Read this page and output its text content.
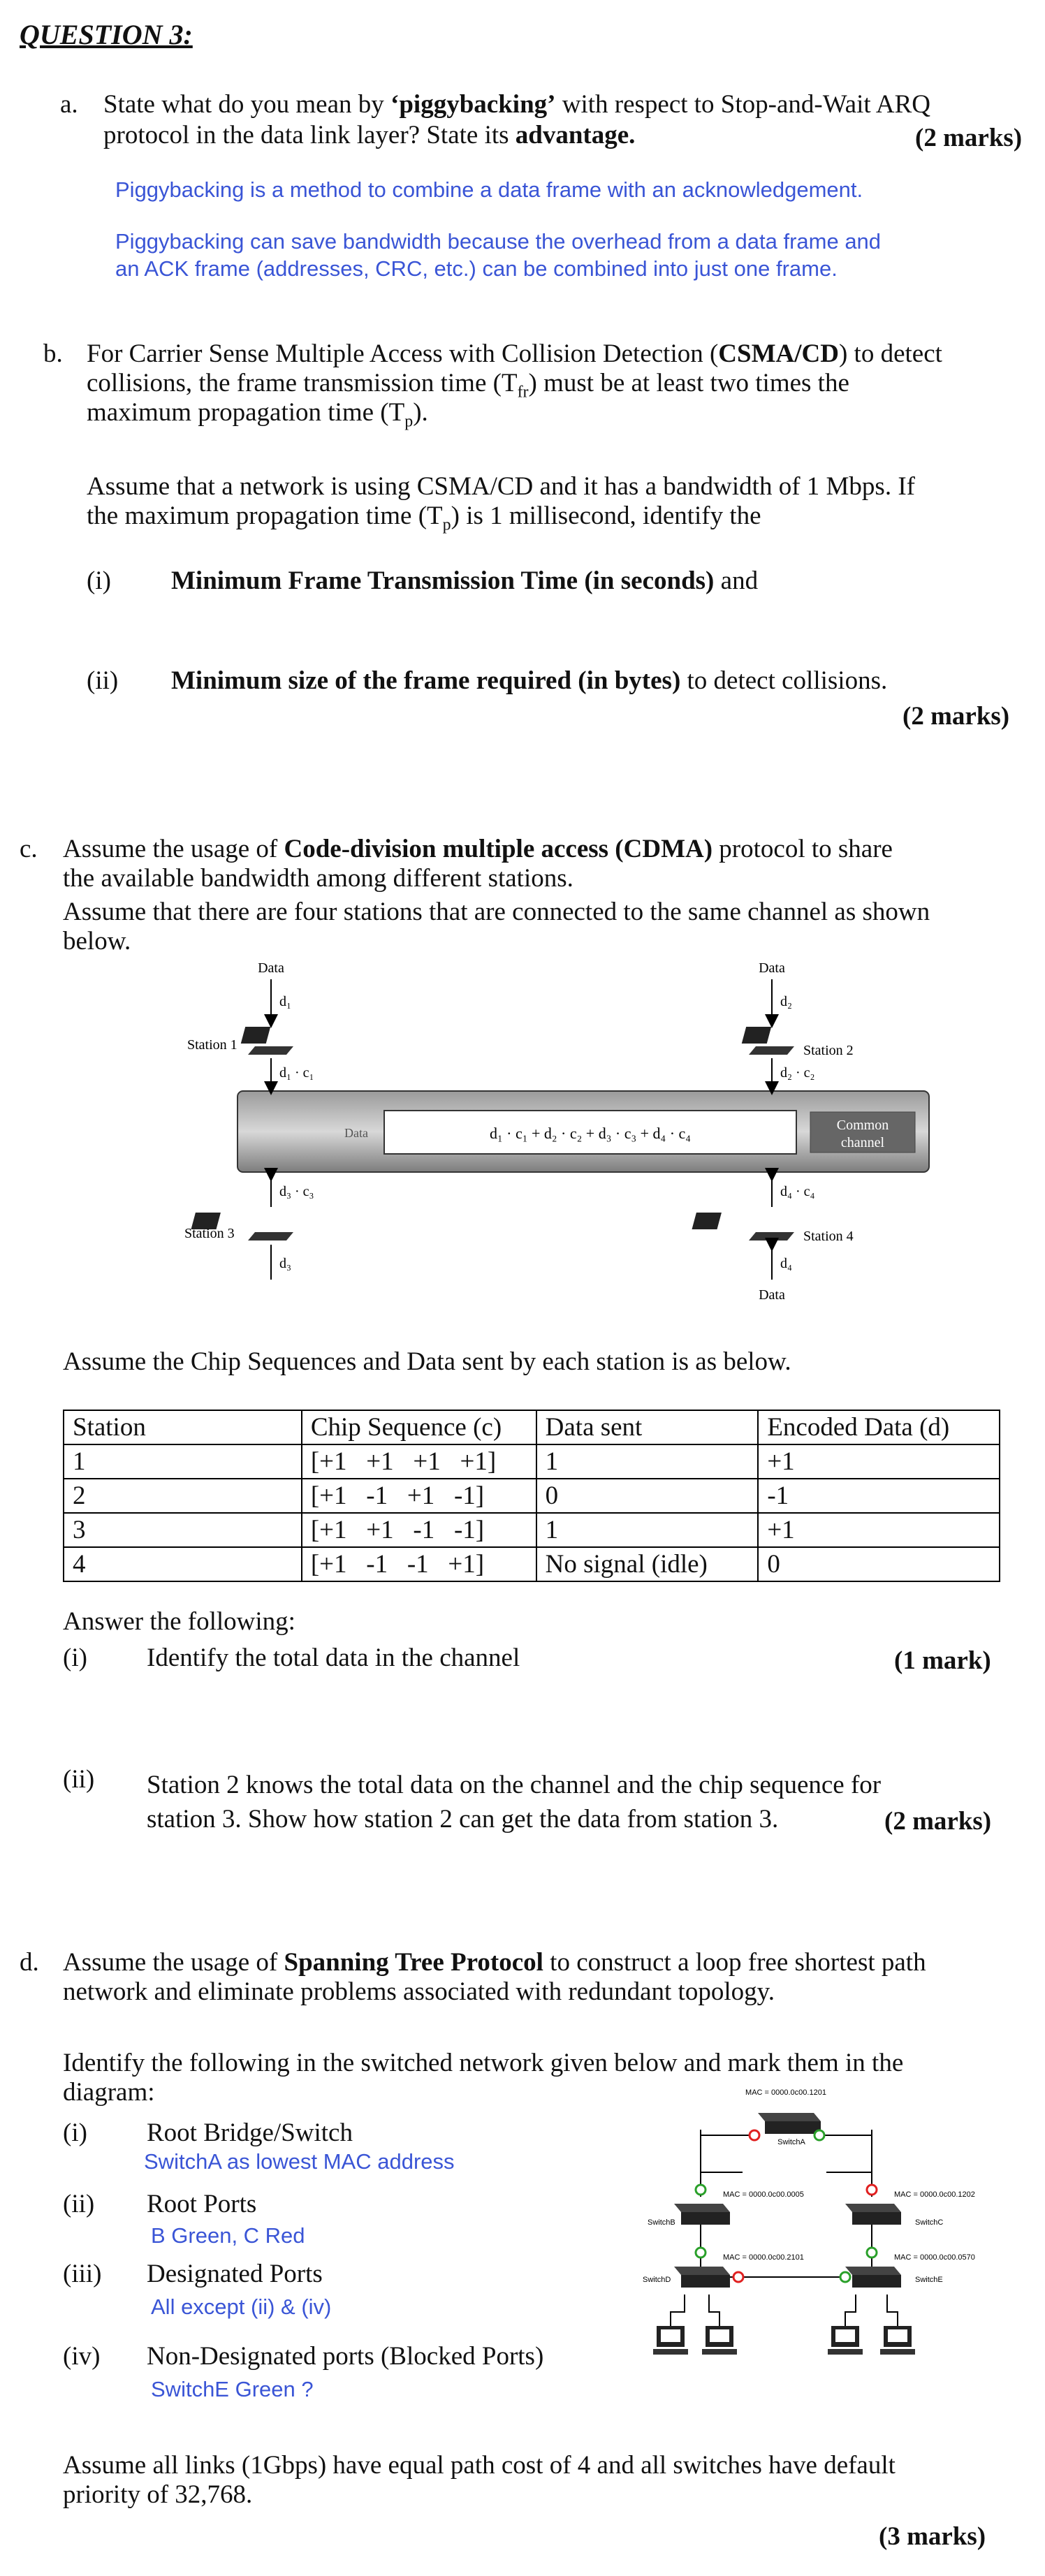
QUESTION 3:
a. State what do you mean by ‘piggybacking’ with respect to Stop-and-Wait ARQ
protocol in the data link layer? State its advantage.	(2 marks)
Piggybacking is a method to combine a data frame with an acknowledgement.
Piggybacking can save bandwidth because the overhead from a data frame and
an ACK frame (addresses, CRC, etc.) can be combined into just one frame.
b. For Carrier Sense Multiple Access with Collision Detection (CSMA/CD) to detect
collisions, the frame transmission time $(T_{fr})$ must be at least two times the
maximum propagation time $(T_p)$.
Assume that a network is using CSMA/CD and it has a bandwidth of 1 Mbps. If
the maximum propagation time $(T_p)$ is 1 millisecond, identify the
(i) Minimum Frame Transmission Time (in seconds) and
(ii) Minimum size of the frame required (in bytes) to detect collisions.
(2 marks)
c. Assume the usage of Code-division multiple access (CDMA) protocol to share
the available bandwidth among different stations.
Assume that there are four stations that are connected to the same channel as shown
below.
d₁ · c₁ + d₂ · c₂ + d₃ · c₃ + d₄ · c₄
Data	Common
channel
Data
d₁
Station 1
d₁ · c₁
Data
d₂
Station 2
d₂ · c₂
d₃ · c₃
Station 3
d₃
d₄ · c₄
Station 4
d₄
Data
Assume the Chip Sequences and Data sent by each station is as below.
Station	Chip Sequence (c)	Data sent	Encoded Data (d)
1	[+1   +1   +1   +1]	1	+1
2	[+1   -1   +1   -1]	0	-1
3	[+1   +1   -1   -1]	1	+1
4	[+1   -1   -1   +1]	No signal (idle)	0
Answer the following:
(i) Identify the total data in the channel	(1 mark)
(ii) Station 2 knows the total data on the channel and the chip sequence for
station 3. Show how station 2 can get the data from station 3.	(2 marks)
d. Assume the usage of Spanning Tree Protocol to construct a loop free shortest path
network and eliminate problems associated with redundant topology.
Identify the following in the switched network given below and mark them in the
diagram:
(i) Root Bridge/Switch
SwitchA as lowest MAC address
(ii) Root Ports
B Green, C Red
(iii) Designated Ports
All except (ii) & (iv)
(iv) Non-Designated ports (Blocked Ports)
SwitchE Green ?
MAC = 0000.0c00.1201
SwitchA
MAC = 0000.0c00.0005
SwitchB
MAC = 0000.0c00.1202
SwitchC
MAC = 0000.0c00.2101
SwitchD
MAC = 0000.0c00.0570
SwitchE
Assume all links (1Gbps) have equal path cost of 4 and all switches have default
priority of 32,768.
(3 marks)
